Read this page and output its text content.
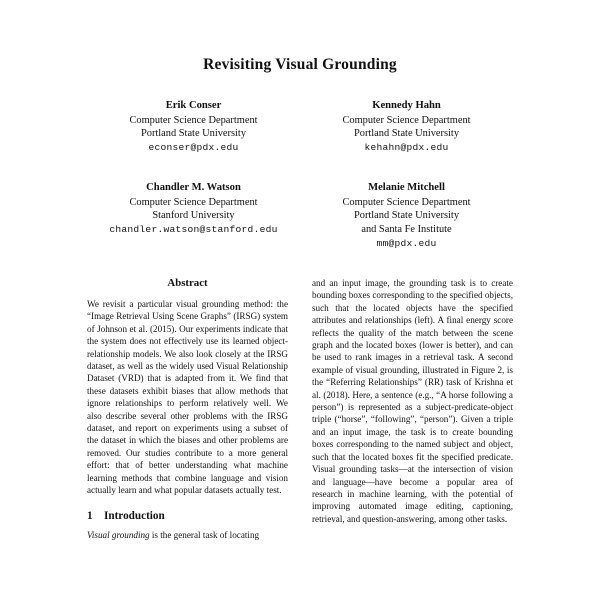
Revisiting Visual Grounding
Erik Conser
Computer Science Department
Portland State University
econser@pdx.edu
Kennedy Hahn
Computer Science Department
Portland State University
kehahn@pdx.edu
Chandler M. Watson
Computer Science Department
Stanford University
chandler.watson@stanford.edu
Melanie Mitchell
Computer Science Department
Portland State University
and Santa Fe Institute
mm@pdx.edu
Abstract

We revisit a particular visual grounding method: the “Image Retrieval Using Scene Graphs” (IRSG) system of Johnson et al. (2015). Our experiments indicate that the system does not effectively use its learned object-relationship models. We also look closely at the IRSG dataset, as well as the widely used Visual Relationship Dataset (VRD) that is adapted from it. We find that these datasets exhibit biases that allow methods that ignore relationships to perform relatively well. We also describe several other problems with the IRSG dataset, and report on experiments using a subset of the dataset in which the biases and other problems are removed. Our studies contribute to a more general effort: that of better understanding what machine learning methods that combine language and vision actually learn and what popular datasets actually test.

1	Introduction

Visual grounding is the general task of locating

and an input image, the grounding task is to create bounding boxes corresponding to the specified objects, such that the located objects have the specified attributes and relationships (left). A final energy score reflects the quality of the match between the scene graph and the located boxes (lower is better), and can be used to rank images in a retrieval task. A second example of visual grounding, illustrated in Figure 2, is the “Referring Relationships” (RR) task of Krishna et al. (2018). Here, a sentence (e.g., “A horse following a person”) is represented as a subject-predicate-object triple (“horse”, “following”, “person”). Given a triple and an input image, the task is to create bounding boxes corresponding to the named subject and object, such that the located boxes fit the specified predicate. Visual grounding tasks—at the intersection of vision and language—have become a popular area of research in machine learning, with the potential of improving automated image editing, captioning, retrieval, and question-answering, among other tasks.
